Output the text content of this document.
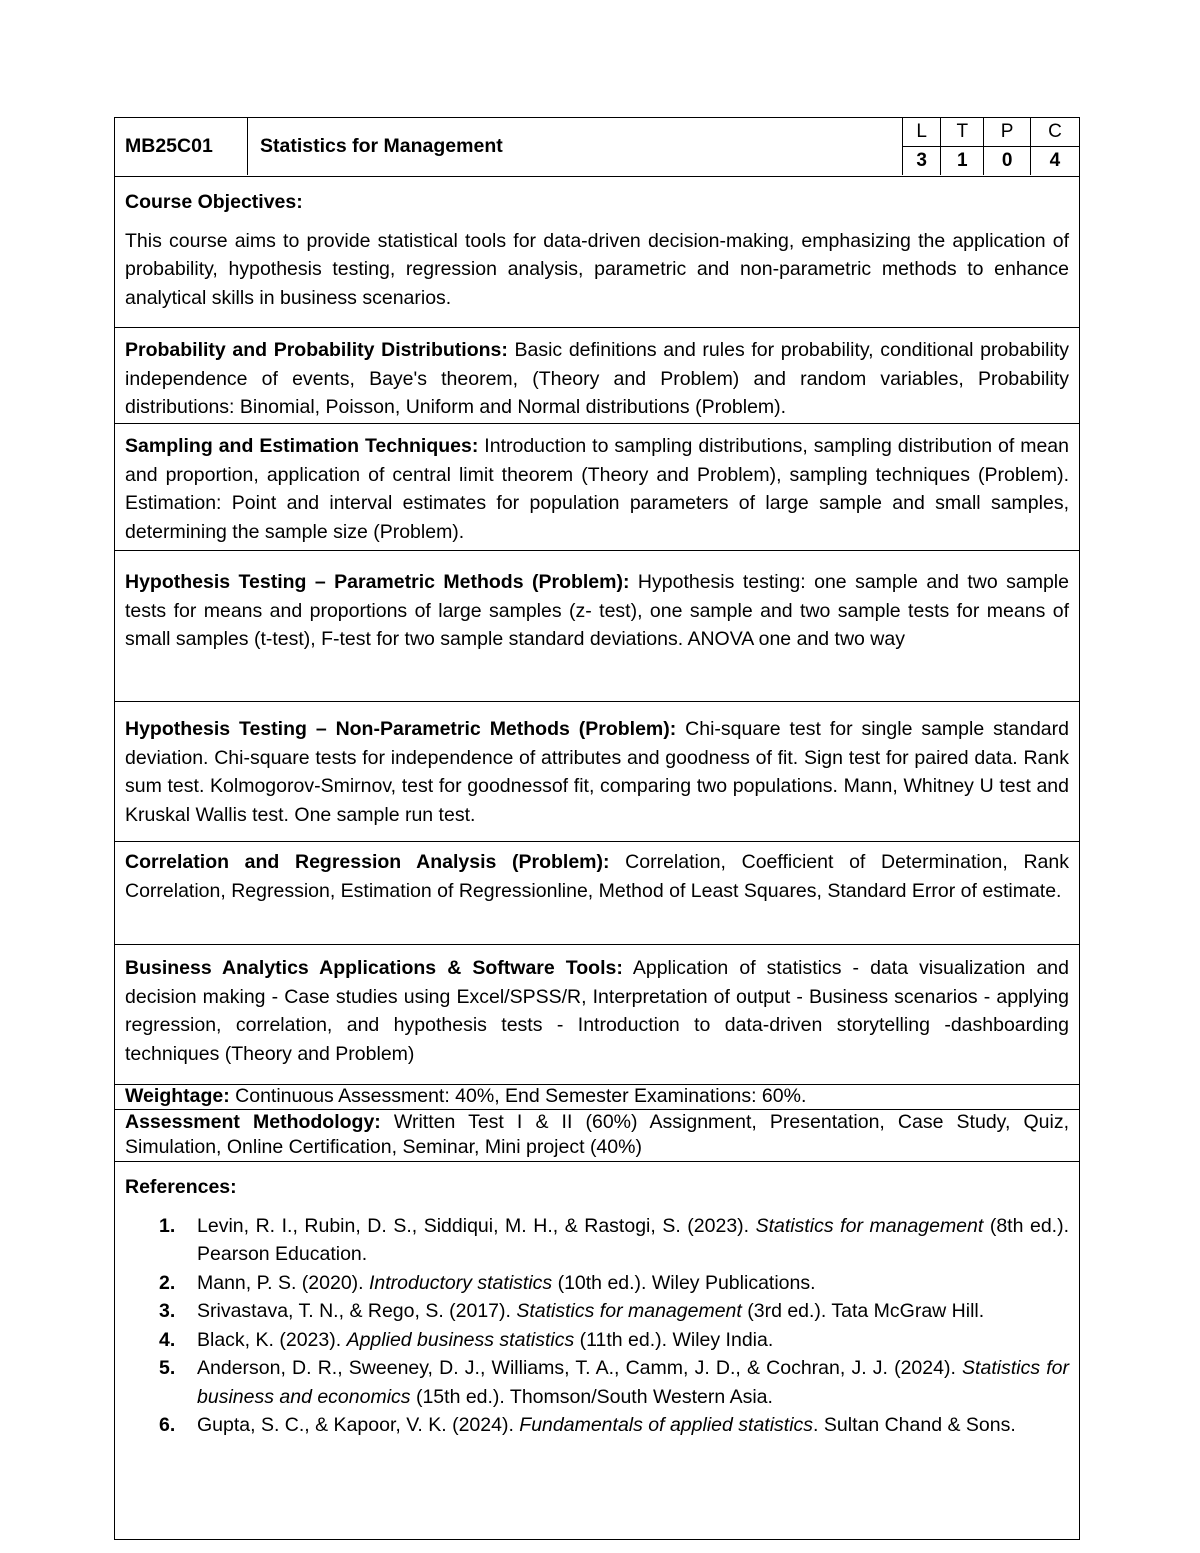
MB25C01	Statistics for Management
L	T	P	C
3	1	0	4
Course Objectives:
This course aims to provide statistical tools for data-driven decision-making, emphasizing the application of probability, hypothesis testing, regression analysis, parametric and non-parametric methods to enhance analytical skills in business scenarios.
Probability and Probability Distributions: Basic definitions and rules for probability, conditional probability independence of events, Baye's theorem, (Theory and Problem) and random variables, Probability distributions: Binomial, Poisson, Uniform and Normal distributions (Problem).
Sampling and Estimation Techniques: Introduction to sampling distributions, sampling distribution of mean and proportion, application of central limit theorem (Theory and Problem), sampling techniques (Problem). Estimation: Point and interval estimates for population parameters of large sample and small samples, determining the sample size (Problem).
Hypothesis Testing – Parametric Methods (Problem): Hypothesis testing: one sample and two sample tests for means and proportions of large samples (z- test), one sample and two sample tests for means of small samples (t-test), F-test for two sample standard deviations. ANOVA one and two way
Hypothesis Testing – Non-Parametric Methods (Problem): Chi-square test for single sample standard deviation. Chi-square tests for independence of attributes and goodness of fit. Sign test for paired data. Rank sum test. Kolmogorov-Smirnov, test for goodnessof fit, comparing two populations. Mann, Whitney U test and Kruskal Wallis test. One sample run test.
Correlation and Regression Analysis (Problem): Correlation, Coefficient of Determination, Rank Correlation, Regression, Estimation of Regressionline, Method of Least Squares, Standard Error of estimate.
Business Analytics Applications & Software Tools: Application of statistics - data visualization and decision making - Case studies using Excel/SPSS/R, Interpretation of output - Business scenarios - applying regression, correlation, and hypothesis tests - Introduction to data-driven storytelling -dashboarding techniques (Theory and Problem)
Weightage: Continuous Assessment: 40%, End Semester Examinations: 60%.
Assessment Methodology: Written Test I & II (60%) Assignment, Presentation, Case Study, Quiz, Simulation, Online Certification, Seminar, Mini project (40%)
References:
1. Levin, R. I., Rubin, D. S., Siddiqui, M. H., & Rastogi, S. (2023). Statistics for management (8th ed.). Pearson Education.
2. Mann, P. S. (2020). Introductory statistics (10th ed.). Wiley Publications.
3. Srivastava, T. N., & Rego, S. (2017). Statistics for management (3rd ed.). Tata McGraw Hill.
4. Black, K. (2023). Applied business statistics (11th ed.). Wiley India.
5. Anderson, D. R., Sweeney, D. J., Williams, T. A., Camm, J. D., & Cochran, J. J. (2024). Statistics for business and economics (15th ed.). Thomson/South Western Asia.
6. Gupta, S. C., & Kapoor, V. K. (2024). Fundamentals of applied statistics. Sultan Chand & Sons.
